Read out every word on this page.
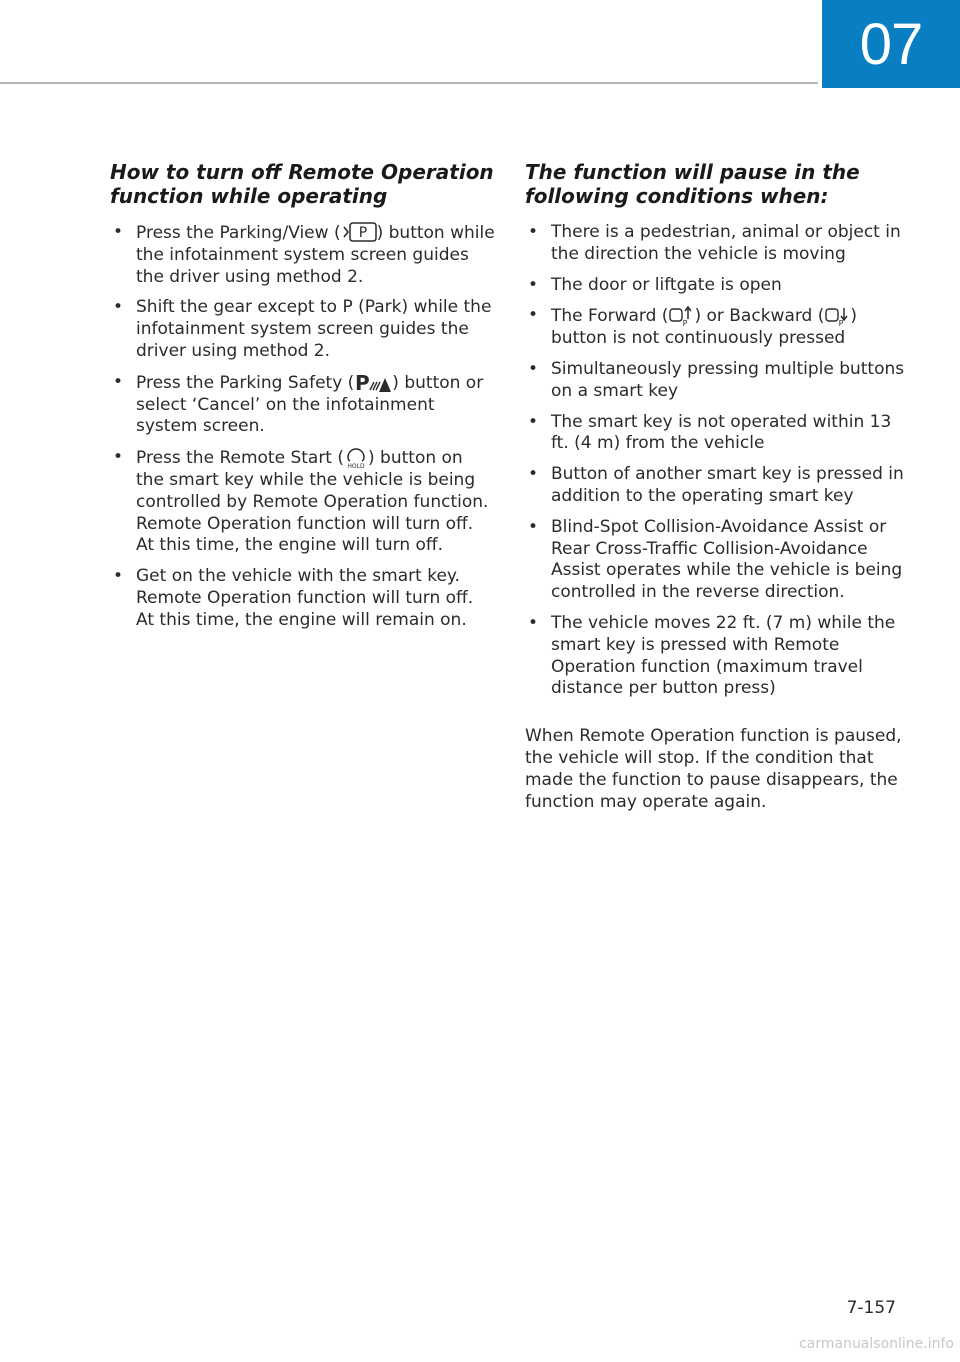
07
How to turn off Remote Operation function while operating
• Press the Parking/View ( P ) button while the infotainment system screen guides the driver using method 2.
• Shift the gear except to P (Park) while the infotainment system screen guides the driver using method 2.
• Press the Parking Safety ( P ) button or select ‘Cancel’ on the infotainment system screen.
• Press the Remote Start ( HOLD ) button on the smart key while the vehicle is being controlled by Remote Operation function. Remote Operation function will turn off. At this time, the engine will turn off.
• Get on the vehicle with the smart key. Remote Operation function will turn off. At this time, the engine will remain on.
The function will pause in the following conditions when:
• There is a pedestrian, animal or object in the direction the vehicle is moving
• The door or liftgate is open
• The Forward ( P ) or Backward ( P ) button is not continuously pressed
• Simultaneously pressing multiple buttons on a smart key
• The smart key is not operated within 13 ft. (4 m) from the vehicle
• Button of another smart key is pressed in addition to the operating smart key
• Blind-Spot Collision-Avoidance Assist or Rear Cross-Traffic Collision-Avoidance Assist operates while the vehicle is being controlled in the reverse direction.
• The vehicle moves 22 ft. (7 m) while the smart key is pressed with Remote Operation function (maximum travel distance per button press)

When Remote Operation function is paused, the vehicle will stop. If the condition that made the function to pause disappears, the function may operate again.

7-157
carmanualsonline.info
